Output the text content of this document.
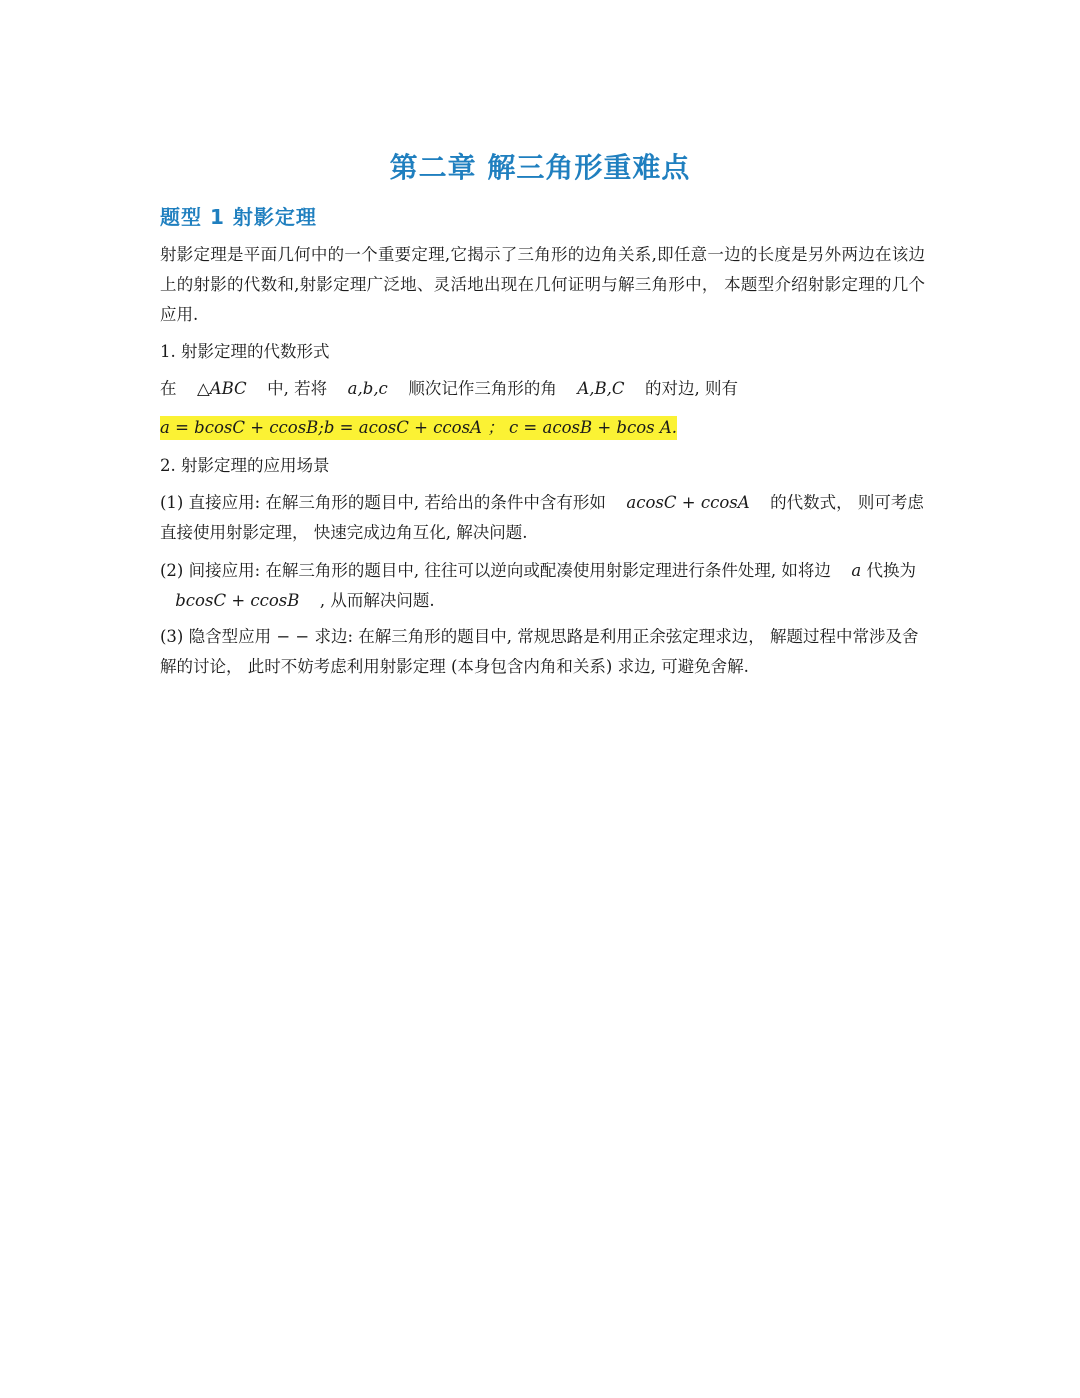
第二章 解三角形重难点
题型 1 射影定理
射影定理是平面几何中的一个重要定理,它揭示了三角形的边角关系,即任意一边的长度是另外两边在该边上的射影的代数和,射影定理广泛地、灵活地出现在几何证明与解三角形中， 本题型介绍射影定理的几个应用.
1. 射影定理的代数形式
在 △ABC 中, 若将 a,b,c 顺次记作三角形的角 A,B,C 的对边, 则有
a = bcosC + ccosB;b = acosC + ccosA ； c = acosB + bcos A.
2. 射影定理的应用场景
(1) 直接应用: 在解三角形的题目中, 若给出的条件中含有形如 acosC + ccosA 的代数式， 则可考虑直接使用射影定理， 快速完成边角互化, 解决问题.
(2) 间接应用: 在解三角形的题目中, 往往可以逆向或配凑使用射影定理进行条件处理, 如将边 a 代换为  bcosC + ccosB , 从而解决问题.
(3) 隐含型应用 − − 求边: 在解三角形的题目中, 常规思路是利用正余弦定理求边， 解题过程中常涉及舍解的讨论， 此时不妨考虑利用射影定理 (本身包含内角和关系) 求边, 可避免舍解.
